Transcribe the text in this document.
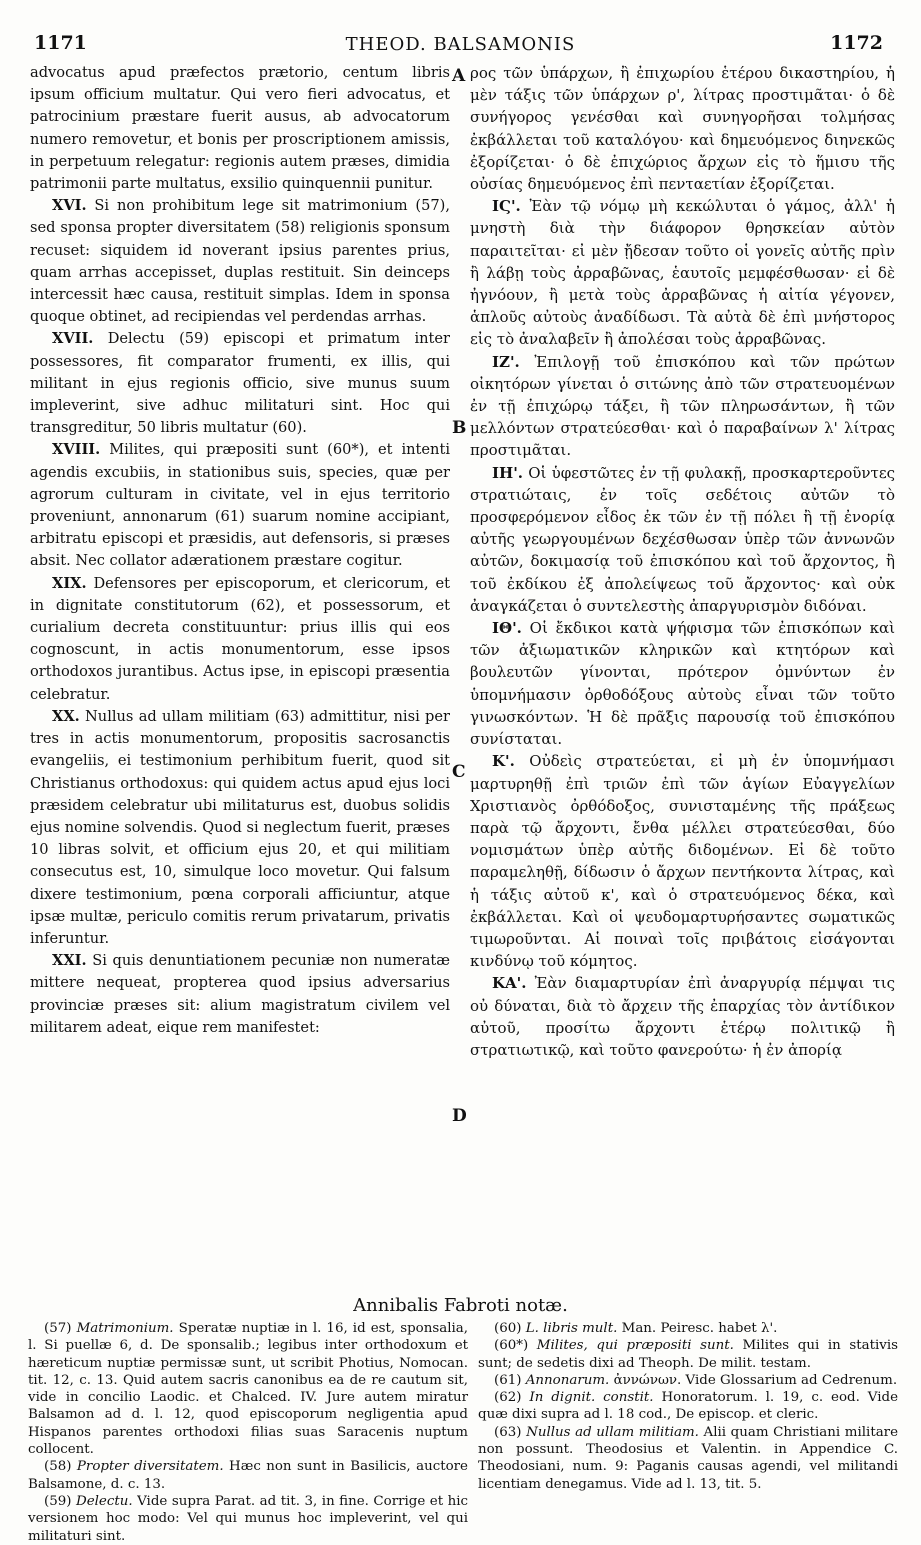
1171	THEOD. BALSAMONIS	1172
A
B
C
D

advocatus apud præfectos prætorio, centum libris ipsum officium multatur. Qui vero fieri advocatus, et patrocinium præstare fuerit ausus, ab advocatorum numero removetur, et bonis per proscriptionem amissis, in perpetuum relegatur: regionis autem præses, dimidia patrimonii parte multatus, exsilio quinquennii punitur.

XVI. Si non prohibitum lege sit matrimonium (57), sed sponsa propter diversitatem (58) religionis sponsum recuset: siquidem id noverant ipsius parentes prius, quam arrhas accepisset, duplas restituit. Sin deinceps intercessit hæc causa, restituit simplas. Idem in sponsa quoque obtinet, ad recipiendas vel perdendas arrhas.

XVII. Delectu (59) episcopi et primatum inter possessores, fit comparator frumenti, ex illis, qui militant in ejus regionis officio, sive munus suum impleverint, sive adhuc militaturi sint. Hoc qui transgreditur, 50 libris multatur (60).

XVIII. Milites, qui præpositi sunt (60*), et intenti agendis excubiis, in stationibus suis, species, quæ per agrorum culturam in civitate, vel in ejus territorio proveniunt, annonarum (61) suarum nomine accipiant, arbitratu episcopi et præsidis, aut defensoris, si præses absit. Nec collator adærationem præstare cogitur.

XIX. Defensores per episcoporum, et clericorum, et in dignitate constitutorum (62), et possessorum, et curialium decreta constituuntur: prius illis qui eos cognoscunt, in actis monumentorum, esse ipsos orthodoxos jurantibus. Actus ipse, in episcopi præsentia celebratur.

XX. Nullus ad ullam militiam (63) admittitur, nisi per tres in actis monumentorum, propositis sacrosanctis evangeliis, ei testimonium perhibitum fuerit, quod sit Christianus orthodoxus: qui quidem actus apud ejus loci præsidem celebratur ubi militaturus est, duobus solidis ejus nomine solvendis. Quod si neglectum fuerit, præses 10 libras solvit, et officium ejus 20, et qui militiam consecutus est, 10, simulque loco movetur. Qui falsum dixere testimonium, pœna corporali afficiuntur, atque ipsæ multæ, periculo comitis rerum privatarum, privatis inferuntur.

XXI. Si quis denuntiationem pecuniæ non numeratæ mittere nequeat, propterea quod ipsius adversarius provinciæ præses sit: alium magistratum civilem vel militarem adeat, eique rem manifestet:

ρος τῶν ὑπάρχων, ἢ ἐπιχωρίου ἑτέρου δικαστηρίου, ἡ μὲν τάξις τῶν ὑπάρχων ρ', λίτρας προστιμᾶται· ὁ δὲ συνήγορος γενέσθαι καὶ συνηγορῆσαι τολμήσας ἐκβάλλεται τοῦ καταλόγου· καὶ δημευόμενος διηνεκῶς ἐξορίζεται· ὁ δὲ ἐπιχώριος ἄρχων εἰς τὸ ἥμισυ τῆς οὐσίας δημευόμενος ἐπὶ πενταετίαν ἐξορίζεται.

ΙϚ'. Ἐὰν τῷ νόμῳ μὴ κεκώλυται ὁ γάμος, ἀλλ' ἡ μνηστὴ διὰ τὴν διάφορον θρησκείαν αὐτὸν παραιτεῖται· εἰ μὲν ᾔδεσαν τοῦτο οἱ γονεῖς αὐτῆς πρὶν ἢ λάβῃ τοὺς ἀρραβῶνας, ἑαυτοῖς μεμφέσθωσαν· εἰ δὲ ἠγνόουν, ἢ μετὰ τοὺς ἀρραβῶνας ἡ αἰτία γέγονεν, ἁπλοῦς αὐτοὺς ἀναδίδωσι. Τὰ αὐτὰ δὲ ἐπὶ μνήστορος εἰς τὸ ἀναλαβεῖν ἢ ἀπολέσαι τοὺς ἀρραβῶνας.

ΙΖ'. Ἐπιλογῇ τοῦ ἐπισκόπου καὶ τῶν πρώτων οἰκητόρων γίνεται ὁ σιτώνης ἀπὸ τῶν στρατευομένων ἐν τῇ ἐπιχώρῳ τάξει, ἢ τῶν πληρωσάντων, ἢ τῶν μελλόντων στρατεύεσθαι· καὶ ὁ παραβαίνων λ' λίτρας προστιμᾶται.

ΙΗ'. Οἱ ὑφεστῶτες ἐν τῇ φυλακῇ, προσκαρτεροῦντες στρατιώταις, ἐν τοῖς σεδέτοις αὐτῶν τὸ προσφερόμενον εἶδος ἐκ τῶν ἐν τῇ πόλει ἢ τῇ ἐνορίᾳ αὐτῆς γεωργουμένων δεχέσθωσαν ὑπὲρ τῶν ἀννωνῶν αὐτῶν, δοκιμασίᾳ τοῦ ἐπισκόπου καὶ τοῦ ἄρχοντος, ἢ τοῦ ἐκδίκου ἐξ ἀπολείψεως τοῦ ἄρχοντος· καὶ οὐκ ἀναγκάζεται ὁ συντελεστὴς ἀπαργυρισμὸν διδόναι.

ΙΘ'. Οἱ ἔκδικοι κατὰ ψήφισμα τῶν ἐπισκόπων καὶ τῶν ἀξιωματικῶν κληρικῶν καὶ κτητόρων καὶ βουλευτῶν γίνονται, πρότερον ὀμνύντων ἐν ὑπομνήμασιν ὀρθοδόξους αὐτοὺς εἶναι τῶν τοῦτο γινωσκόντων. Ἡ δὲ πρᾶξις παρουσίᾳ τοῦ ἐπισκόπου συνίσταται.

Κ'. Οὐδεὶς στρατεύεται, εἰ μὴ ἐν ὑπομνήμασι μαρτυρηθῇ ἐπὶ τριῶν ἐπὶ τῶν ἁγίων Εὐαγγελίων Χριστιανὸς ὀρθόδοξος, συνισταμένης τῆς πράξεως παρὰ τῷ ἄρχοντι, ἔνθα μέλλει στρατεύεσθαι, δύο νομισμάτων ὑπὲρ αὐτῆς διδομένων. Εἰ δὲ τοῦτο παραμεληθῇ, δίδωσιν ὁ ἄρχων πεντήκοντα λίτρας, καὶ ἡ τάξις αὐτοῦ κ', καὶ ὁ στρατευόμενος δέκα, καὶ ἐκβάλλεται. Καὶ οἱ ψευδομαρτυρήσαντες σωματικῶς τιμωροῦνται. Αἱ ποιναὶ τοῖς πριβάτοις εἰσάγονται κινδύνῳ τοῦ κόμητος.

ΚΑ'. Ἐὰν διαμαρτυρίαν ἐπὶ ἀναργυρίᾳ πέμψαι τις οὐ δύναται, διὰ τὸ ἄρχειν τῆς ἐπαρχίας τὸν ἀντίδικον αὐτοῦ, προσίτω ἄρχοντι ἑτέρῳ πολιτικῷ ἢ στρατιωτικῷ, καὶ τοῦτο φανερούτω· ἡ ἐν ἀπορίᾳ

Annibalis Fabroti notæ.

(57) Matrimonium. Speratæ nuptiæ in l. 16, id est, sponsalia, l. Si puellæ 6, d. De sponsalib.; legibus inter orthodoxum et hæreticum nuptiæ permissæ sunt, ut scribit Photius, Nomocan. tit. 12, c. 13. Quid autem sacris canonibus ea de re cautum sit, vide in concilio Laodic. et Chalced. IV. Jure autem miratur Balsamon ad d. l. 12, quod episcoporum negligentia apud Hispanos parentes orthodoxi filias suas Saracenis nuptum collocent.

(58) Propter diversitatem. Hæc non sunt in Basilicis, auctore Balsamone, d. c. 13.

(59) Delectu. Vide supra Parat. ad tit. 3, in fine. Corrige et hic versionem hoc modo: Vel qui munus hoc impleverint, vel qui militaturi sint.

(60) L. libris mult. Man. Peiresc. habet λ'.

(60*) Milites, qui præpositi sunt. Milites qui in stativis sunt; de sedetis dixi ad Theoph. De milit. testam.

(61) Annonarum. ἀννώνων. Vide Glossarium ad Cedrenum.

(62) In dignit. constit. Honoratorum. l. 19, c. eod. Vide quæ dixi supra ad l. 18 cod., De episcop. et cleric.

(63) Nullus ad ullam militiam. Alii quam Christiani militare non possunt. Theodosius et Valentin. in Appendice C. Theodosiani, num. 9: Paganis causas agendi, vel militandi licentiam denegamus. Vide ad l. 13, tit. 5.
